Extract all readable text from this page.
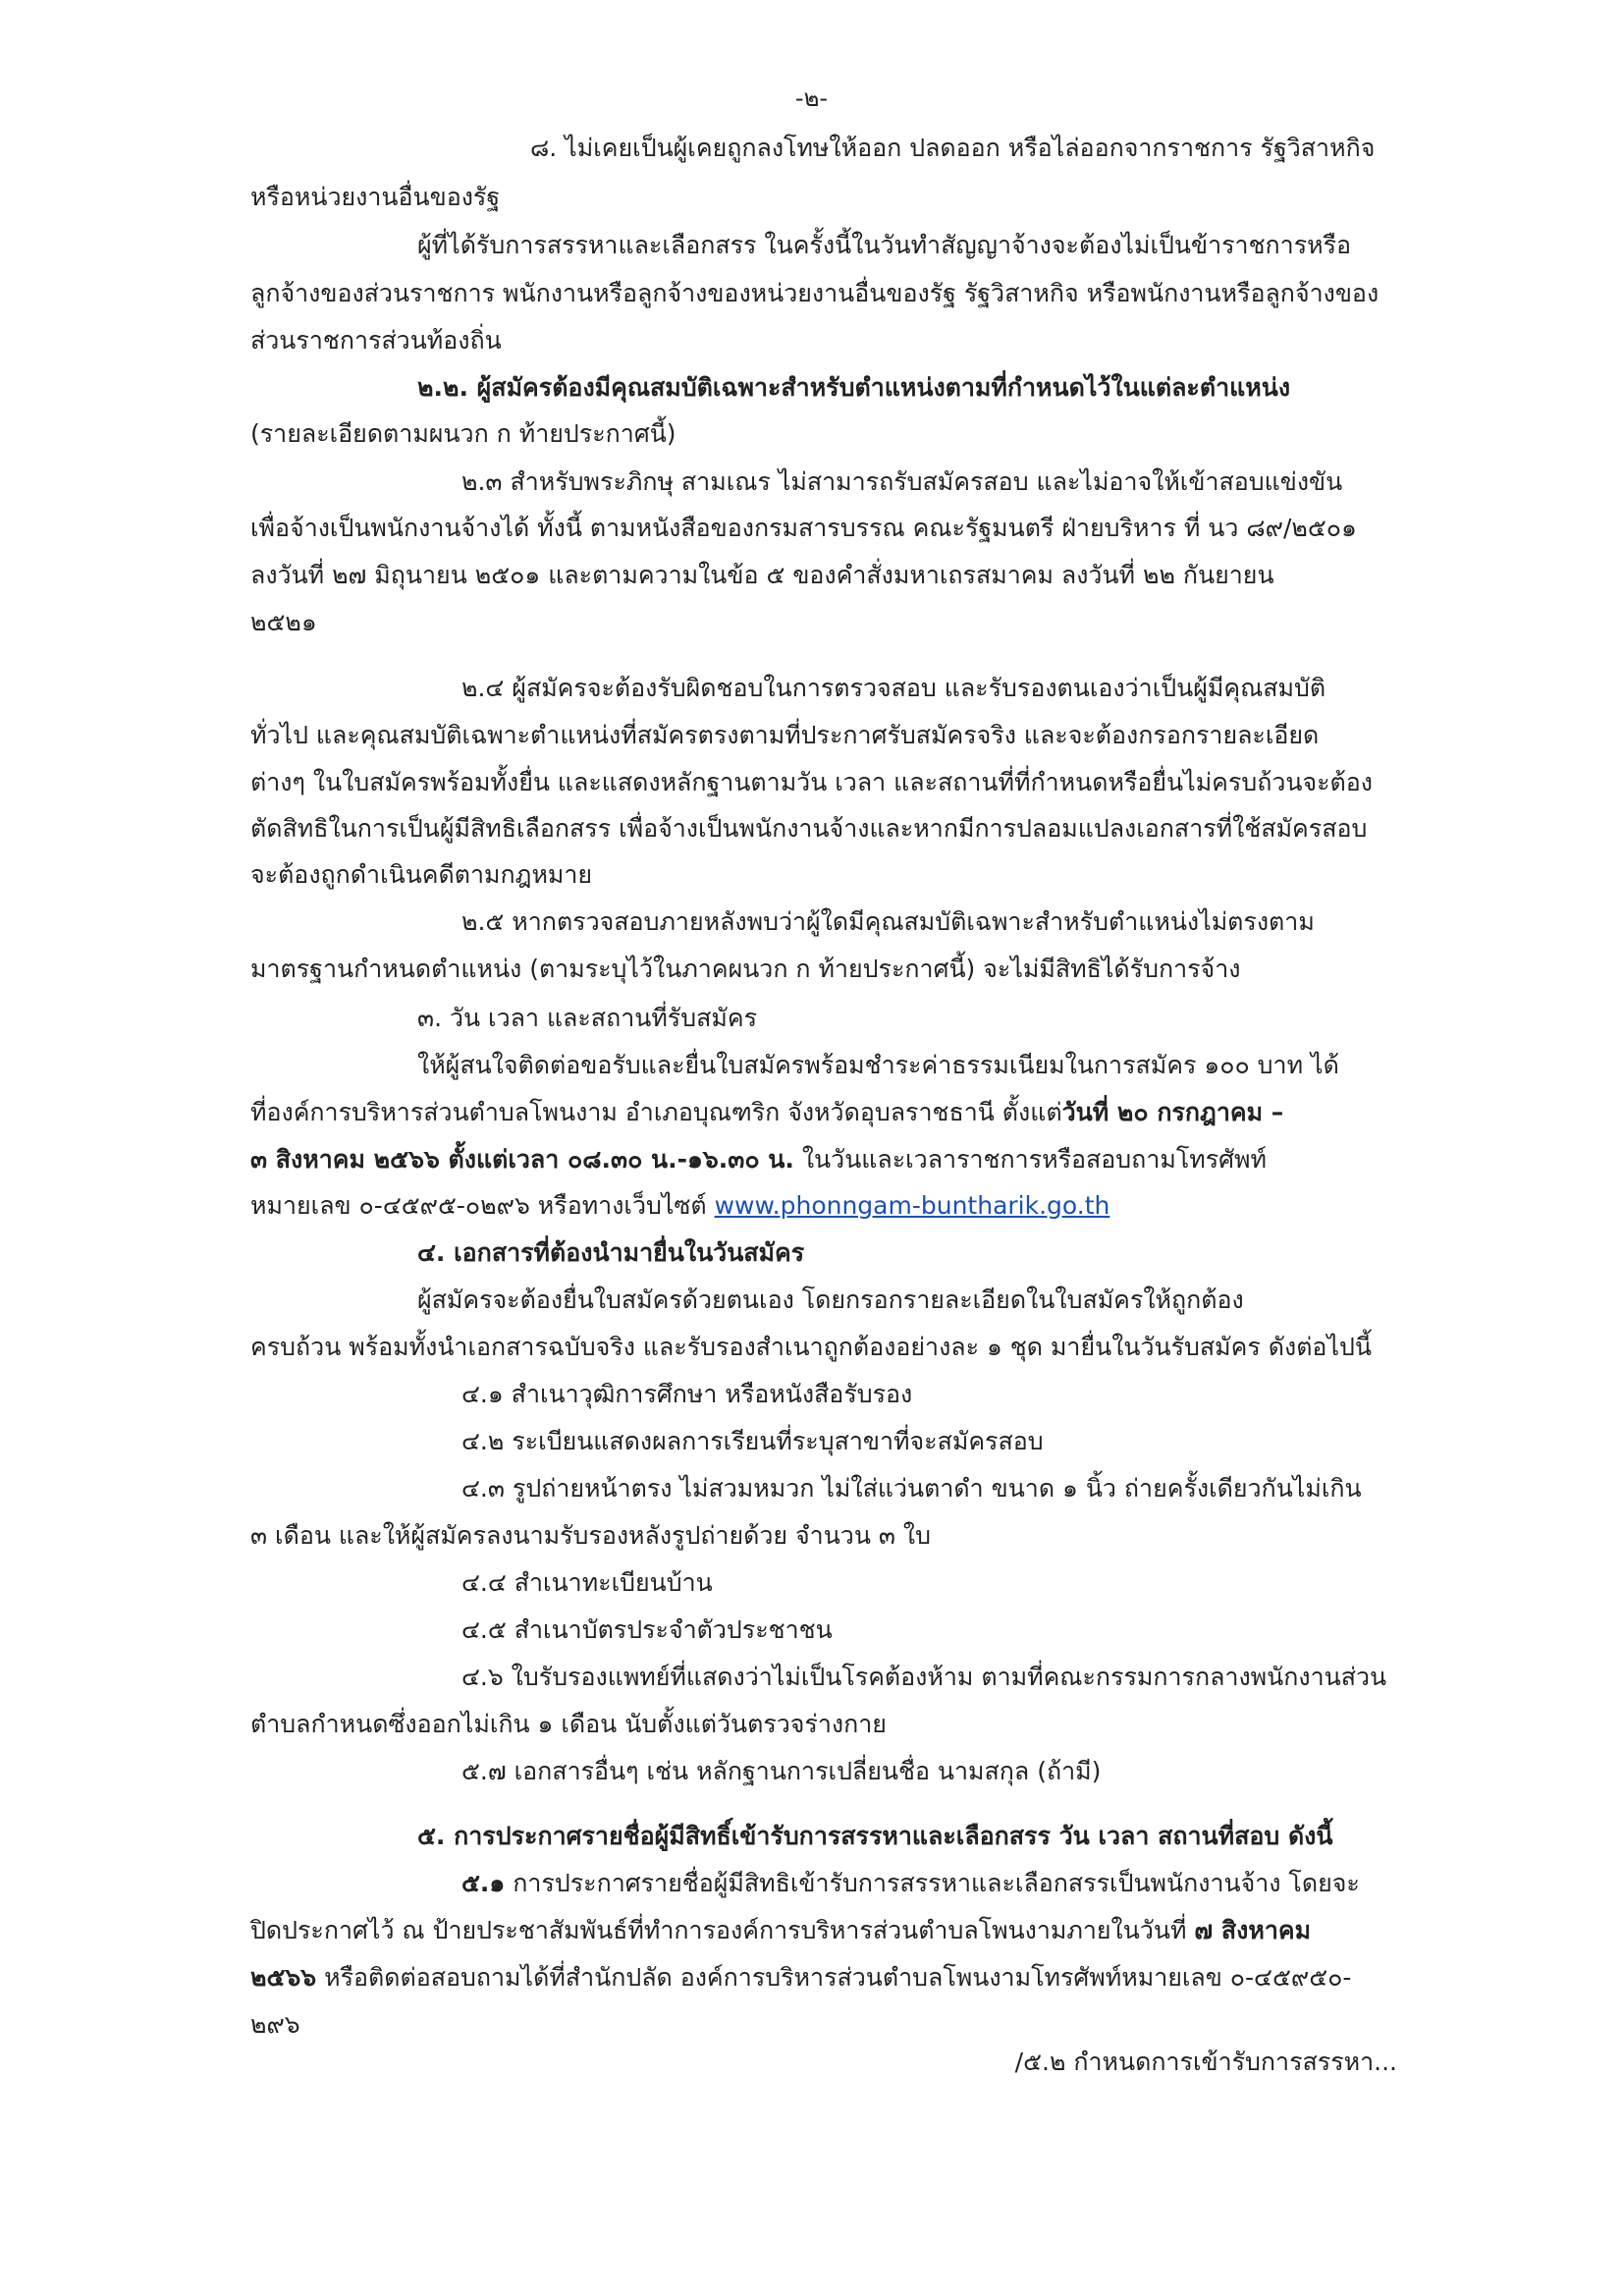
-๒-
๘. ไม่เคยเป็นผู้เคยถูกลงโทษให้ออก ปลดออก หรือไล่ออกจากราชการ รัฐวิสาหกิจ
หรือหน่วยงานอื่นของรัฐ
ผู้ที่ได้รับการสรรหาและเลือกสรร ในครั้งนี้ในวันทำสัญญาจ้างจะต้องไม่เป็นข้าราชการหรือ
ลูกจ้างของส่วนราชการ พนักงานหรือลูกจ้างของหน่วยงานอื่นของรัฐ รัฐวิสาหกิจ หรือพนักงานหรือลูกจ้างของ
ส่วนราชการส่วนท้องถิ่น
๒.๒. ผู้สมัครต้องมีคุณสมบัติเฉพาะสำหรับตำแหน่งตามที่กำหนดไว้ในแต่ละตำแหน่ง
(รายละเอียดตามผนวก ก ท้ายประกาศนี้)
๒.๓ สำหรับพระภิกษุ สามเณร ไม่สามารถรับสมัครสอบ และไม่อาจให้เข้าสอบแข่งขัน
เพื่อจ้างเป็นพนักงานจ้างได้ ทั้งนี้ ตามหนังสือของกรมสารบรรณ คณะรัฐมนตรี ฝ่ายบริหาร ที่ นว ๘๙/๒๕๐๑
ลงวันที่ ๒๗ มิถุนายน ๒๕๐๑ และตามความในข้อ ๕ ของคำสั่งมหาเถรสมาคม ลงวันที่ ๒๒ กันยายน
๒๕๒๑
๒.๔ ผู้สมัครจะต้องรับผิดชอบในการตรวจสอบ และรับรองตนเองว่าเป็นผู้มีคุณสมบัติ
ทั่วไป และคุณสมบัติเฉพาะตำแหน่งที่สมัครตรงตามที่ประกาศรับสมัครจริง และจะต้องกรอกรายละเอียด
ต่างๆ ในใบสมัครพร้อมทั้งยื่น และแสดงหลักฐานตามวัน เวลา และสถานที่ที่กำหนดหรือยื่นไม่ครบถ้วนจะต้อง
ตัดสิทธิในการเป็นผู้มีสิทธิเลือกสรร เพื่อจ้างเป็นพนักงานจ้างและหากมีการปลอมแปลงเอกสารที่ใช้สมัครสอบ
จะต้องถูกดำเนินคดีตามกฎหมาย
๒.๕ หากตรวจสอบภายหลังพบว่าผู้ใดมีคุณสมบัติเฉพาะสำหรับตำแหน่งไม่ตรงตาม
มาตรฐานกำหนดตำแหน่ง (ตามระบุไว้ในภาคผนวก ก ท้ายประกาศนี้) จะไม่มีสิทธิได้รับการจ้าง
๓. วัน เวลา และสถานที่รับสมัคร
ให้ผู้สนใจติดต่อขอรับและยื่นใบสมัครพร้อมชำระค่าธรรมเนียมในการสมัคร ๑๐๐ บาท ได้
ที่องค์การบริหารส่วนตำบลโพนงาม อำเภอบุณฑริก จังหวัดอุบลราชธานี ตั้งแต่วันที่ ๒๐ กรกฎาคม –
๓ สิงหาคม ๒๕๖๖ ตั้งแต่เวลา ๐๘.๓๐ น.-๑๖.๓๐ น. ในวันและเวลาราชการหรือสอบถามโทรศัพท์
หมายเลข ๐-๔๕๙๕-๐๒๙๖ หรือทางเว็บไซต์ www.phonngam-buntharik.go.th
๔. เอกสารที่ต้องนำมายื่นในวันสมัคร
ผู้สมัครจะต้องยื่นใบสมัครด้วยตนเอง โดยกรอกรายละเอียดในใบสมัครให้ถูกต้อง
ครบถ้วน พร้อมทั้งนำเอกสารฉบับจริง และรับรองสำเนาถูกต้องอย่างละ ๑ ชุด มายื่นในวันรับสมัคร ดังต่อไปนี้
๔.๑ สำเนาวุฒิการศึกษา หรือหนังสือรับรอง
๔.๒ ระเบียนแสดงผลการเรียนที่ระบุสาขาที่จะสมัครสอบ
๔.๓ รูปถ่ายหน้าตรง ไม่สวมหมวก ไม่ใส่แว่นตาดำ ขนาด ๑ นิ้ว ถ่ายครั้งเดียวกันไม่เกิน
๓ เดือน และให้ผู้สมัครลงนามรับรองหลังรูปถ่ายด้วย จำนวน ๓ ใบ
๔.๔ สำเนาทะเบียนบ้าน
๔.๕ สำเนาบัตรประจำตัวประชาชน
๔.๖ ใบรับรองแพทย์ที่แสดงว่าไม่เป็นโรคต้องห้าม ตามที่คณะกรรมการกลางพนักงานส่วน
ตำบลกำหนดซึ่งออกไม่เกิน ๑ เดือน นับตั้งแต่วันตรวจร่างกาย
๕.๗ เอกสารอื่นๆ เช่น หลักฐานการเปลี่ยนชื่อ นามสกุล (ถ้ามี)
๕. การประกาศรายชื่อผู้มีสิทธิ์เข้ารับการสรรหาและเลือกสรร วัน เวลา สถานที่สอบ ดังนี้
๕.๑ การประกาศรายชื่อผู้มีสิทธิเข้ารับการสรรหาและเลือกสรรเป็นพนักงานจ้าง โดยจะ
ปิดประกาศไว้ ณ ป้ายประชาสัมพันธ์ที่ทำการองค์การบริหารส่วนตำบลโพนงามภายในวันที่ ๗ สิงหาคม
๒๕๖๖ หรือติดต่อสอบถามได้ที่สำนักปลัด องค์การบริหารส่วนตำบลโพนงามโทรศัพท์หมายเลข ๐-๔๕๙๕๐-
๒๙๖
/๕.๒ กำหนดการเข้ารับการสรรหา...
